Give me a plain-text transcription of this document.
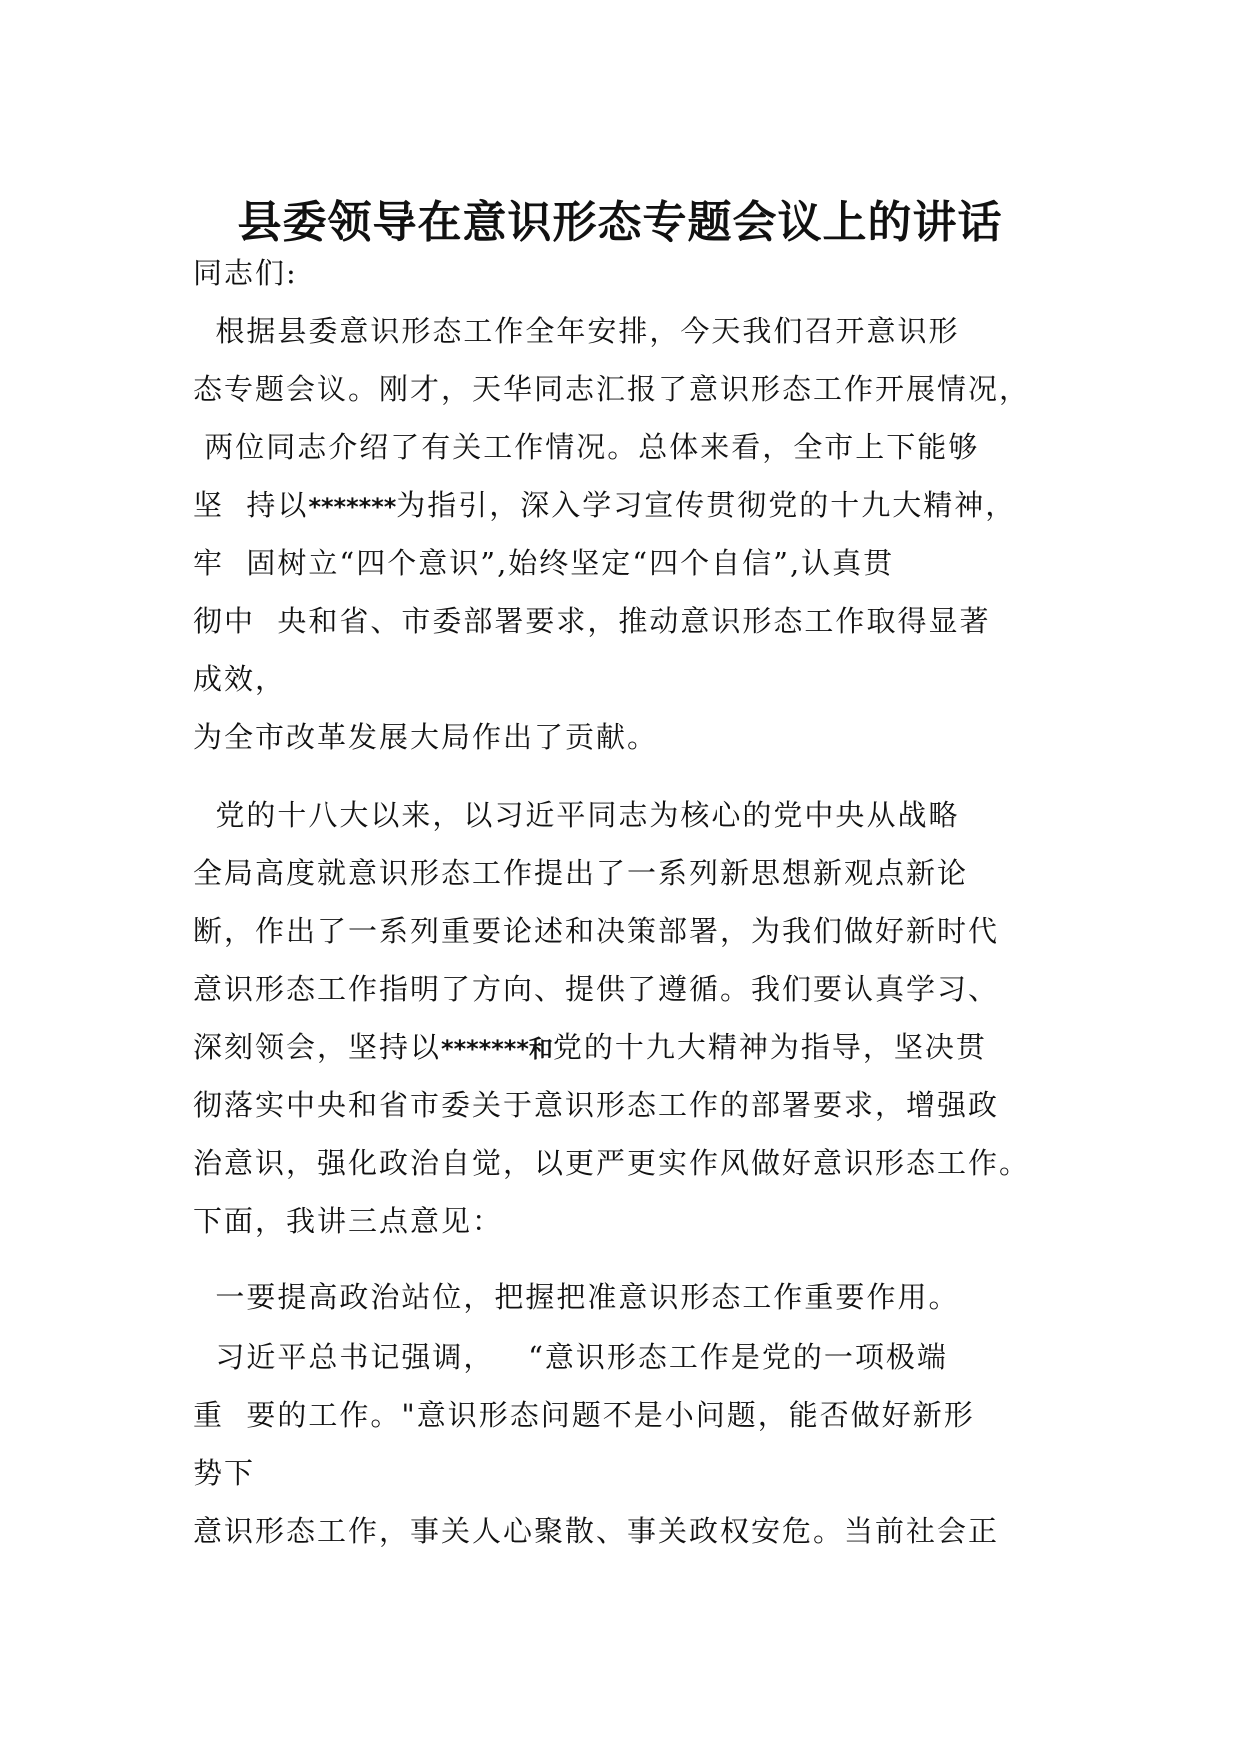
县委领导在意识形态专题会议上的讲话
同志们:
根据县委意识形态工作全年安排，今天我们召开意识形
态专题会议。刚才，天华同志汇报了意识形态工作开展情况，
两位同志介绍了有关工作情况。总体来看，全市上下能够
坚  持以*******为指引，深入学习宣传贯彻党的十九大精神，
牢  固树立“四个意识”,始终坚定“四个自信”,认真贯
彻中  央和省、市委部署要求，推动意识形态工作取得显著
成效，
为全市改革发展大局作出了贡献。
党的十八大以来，以习近平同志为核心的党中央从战略
全局高度就意识形态工作提出了一系列新思想新观点新论
断，作出了一系列重要论述和决策部署，为我们做好新时代
意识形态工作指明了方向、提供了遵循。我们要认真学习、
深刻领会，坚持以*******和党的十九大精神为指导，坚决贯
彻落实中央和省市委关于意识形态工作的部署要求，增强政
治意识，强化政治自觉，以更严更实作风做好意识形态工作。
下面，我讲三点意见：
一要提高政治站位，把握把准意识形态工作重要作用。
习近平总书记强调，   “意识形态工作是党的一项极端
重  要的工作。"意识形态问题不是小问题，能否做好新形
势下
意识形态工作，事关人心聚散、事关政权安危。当前社会正
